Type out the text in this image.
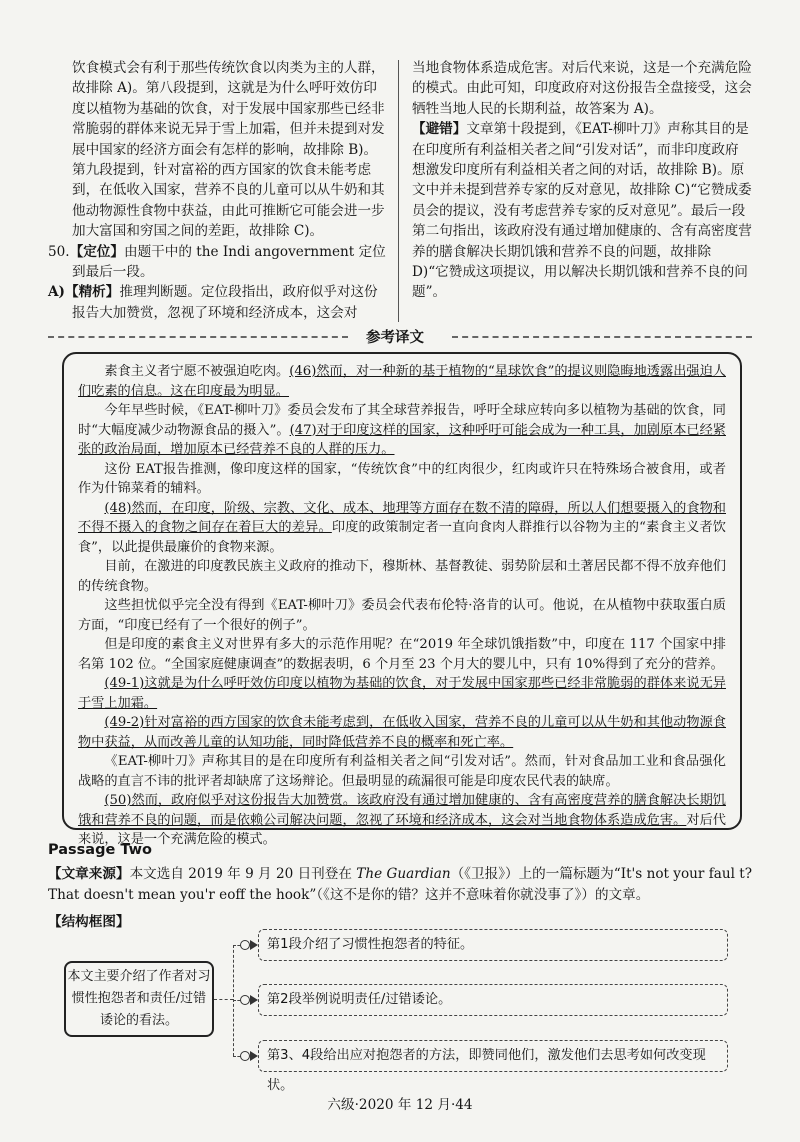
饮食模式会有利于那些传统饮食以肉类为主的人群，故排除 A)。第八段提到，这就是为什么呼吁效仿印度以植物为基础的饮食，对于发展中国家那些已经非常脆弱的群体来说无异于雪上加霜，但并未提到对发展中国家的经济方面会有怎样的影响，故排除 B)。第九段提到，针对富裕的西方国家的饮食未能考虑到，在低收入国家，营养不良的儿童可以从牛奶和其他动物源性食物中获益，由此可推断它可能会进一步加大富国和穷国之间的差距，故排除 C)。

50.【定位】由题干中的 the Indi angovernment 定位到最后一段。

A)【精析】推理判断题。定位段指出，政府似乎对这份报告大加赞赏，忽视了环境和经济成本，这会对

当地食物体系造成危害。对后代来说，这是一个充满危险的模式。由此可知，印度政府对这份报告全盘接受，这会牺牲当地人民的长期利益，故答案为 A)。

【避错】文章第十段提到，《EAT-柳叶刀》声称其目的是在印度所有利益相关者之间“引发对话”，而非印度政府想激发印度所有利益相关者之间的对话，故排除 B)。原文中并未提到营养专家的反对意见，故排除 C)“它赞成委员会的提议，没有考虑营养专家的反对意见”。最后一段第二句指出，该政府没有通过增加健康的、含有高密度营养的膳食解决长期饥饿和营养不良的问题，故排除 D)“它赞成这项提议，用以解决长期饥饿和营养不良的问题”。

参考译文

素食主义者宁愿不被强迫吃肉。(46)然而，对一种新的基于植物的“星球饮食”的提议则隐晦地透露出强迫人们吃素的信息。这在印度最为明显。

今年早些时候，《EAT-柳叶刀》委员会发布了其全球营养报告，呼吁全球应转向多以植物为基础的饮食，同时“大幅度减少动物源食品的摄入”。(47)对于印度这样的国家，这种呼吁可能会成为一种工具，加剧原本已经紧张的政治局面，增加原本已经营养不良的人群的压力。

这份 EAT报告推测，像印度这样的国家，“传统饮食”中的红肉很少，红肉或许只在特殊场合被食用，或者作为什锦菜肴的辅料。

(48)然而，在印度，阶级、宗教、文化、成本、地理等方面存在数不清的障碍，所以人们想要摄入的食物和不得不摄入的食物之间存在着巨大的差异。印度的政策制定者一直向食肉人群推行以谷物为主的“素食主义者饮食”，以此提供最廉价的食物来源。

目前，在激进的印度教民族主义政府的推动下，穆斯林、基督教徒、弱势阶层和土著居民都不得不放弃他们的传统食物。

这些担忧似乎完全没有得到《EAT-柳叶刀》委员会代表布伦特·洛肯的认可。他说，在从植物中获取蛋白质方面，“印度已经有了一个很好的例子”。

但是印度的素食主义对世界有多大的示范作用呢？在“2019 年全球饥饿指数”中，印度在 117 个国家中排名第 102 位。“全国家庭健康调查”的数据表明，6 个月至 23 个月大的婴儿中，只有 10%得到了充分的营养。

(49-1)这就是为什么呼吁效仿印度以植物为基础的饮食，对于发展中国家那些已经非常脆弱的群体来说无异于雪上加霜。

(49-2)针对富裕的西方国家的饮食未能考虑到，在低收入国家，营养不良的儿童可以从牛奶和其他动物源食物中获益，从而改善儿童的认知功能，同时降低营养不良的概率和死亡率。

《EAT-柳叶刀》声称其目的是在印度所有利益相关者之间“引发对话”。然而，针对食品加工业和食品强化战略的直言不讳的批评者却缺席了这场辩论。但最明显的疏漏很可能是印度农民代表的缺席。

(50)然而，政府似乎对这份报告大加赞赏。该政府没有通过增加健康的、含有高密度营养的膳食解决长期饥饿和营养不良的问题，而是依赖公司解决问题，忽视了环境和经济成本，这会对当地食物体系造成危害。对后代来说，这是一个充满危险的模式。

Passage Two
【文章来源】本文选自 2019 年 9 月 20 日刊登在 The Guardian（《卫报》）上的一篇标题为“It's not your faul t?That doesn't mean you'r eoff the hook”（《这不是你的错？这并不意味着你就没事了》）的文章。
【结构框图】
本文主要介绍了作者对习惯性抱怨者和责任/过错诿论的看法。
第1段介绍了习惯性抱怨者的特征。
第2段举例说明责任/过错诿论。
第3、4段给出应对抱怨者的方法，即赞同他们，激发他们去思考如何改变现状。
六级·2020 年 12 月·44
